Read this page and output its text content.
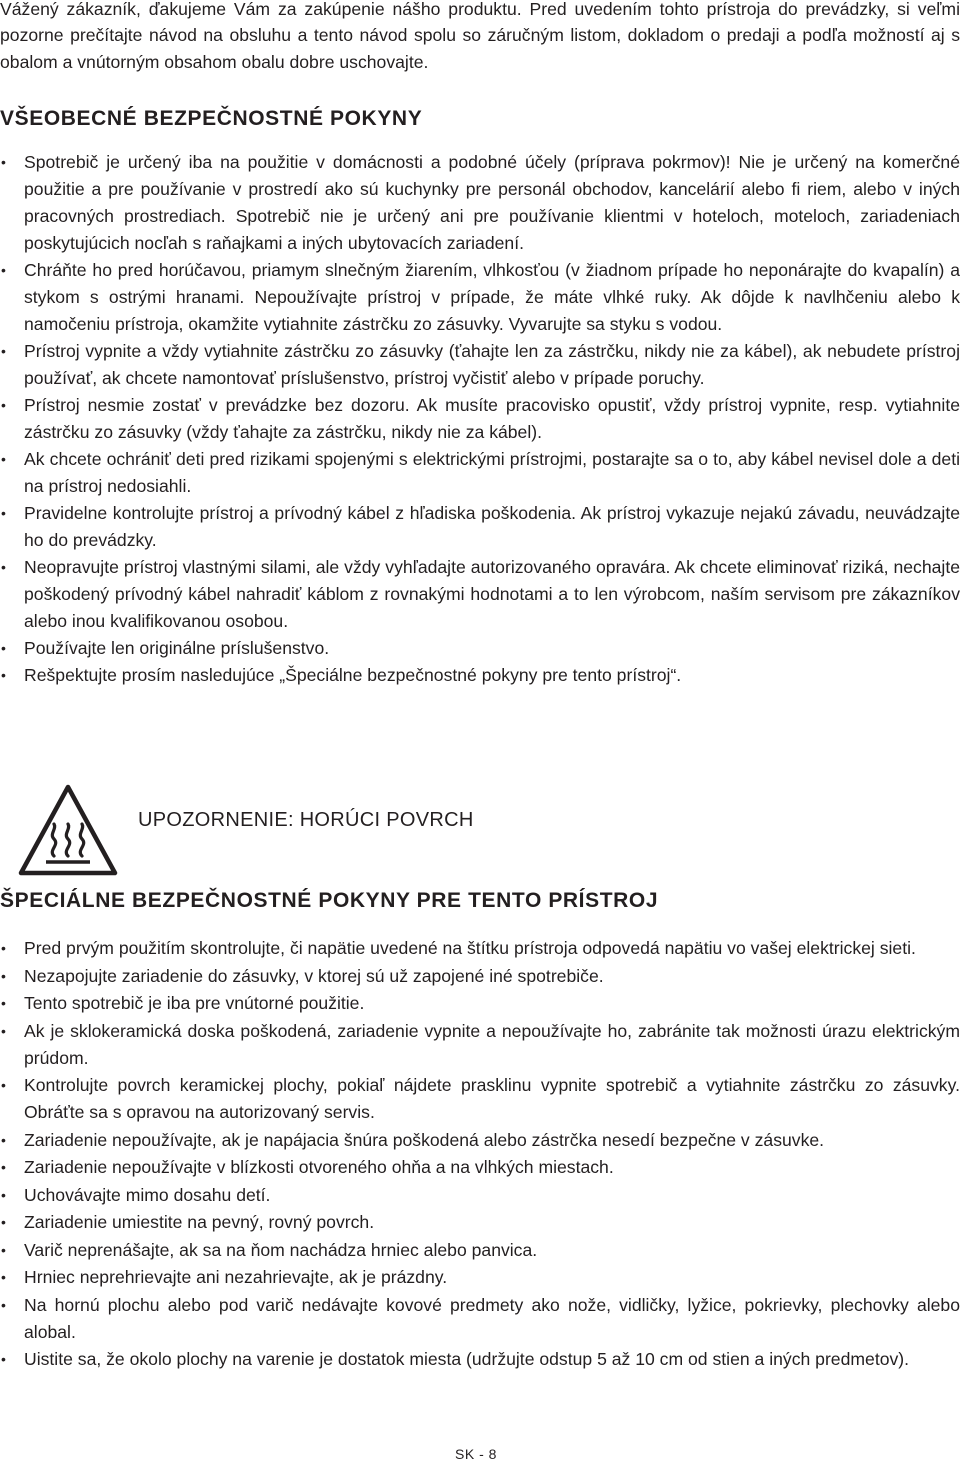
Vážený zákazník, ďakujeme Vám za zakúpenie nášho produktu. Pred uvedením tohto prístroja do prevádzky, si veľmi pozorne prečítajte návod na obsluhu a tento návod spolu so záručným listom, dokladom o predaji a podľa možností aj s obalom a vnútorným obsahom obalu dobre uschovajte.

VŠEOBECNÉ BEZPEČNOSTNÉ POKYNY
• Spotrebič je určený iba na použitie v domácnosti a podobné účely (príprava pokrmov)! Nie je určený na komerčné použitie a pre používanie v prostredí ako sú kuchynky pre personál obchodov, kancelárií alebo fi riem, alebo v iných pracovných prostrediach. Spotrebič nie je určený ani pre používanie klientmi v hoteloch, moteloch, zariadeniach poskytujúcich nocľah s raňajkami a iných ubytovacích zariadení.
• Chráňte ho pred horúčavou, priamym slnečným žiarením, vlhkosťou (v žiadnom prípade ho neponárajte do kvapalín) a stykom s ostrými hranami. Nepoužívajte prístroj v prípade, že máte vlhké ruky. Ak dôjde k navlhčeniu alebo k namočeniu prístroja, okamžite vytiahnite zástrčku zo zásuvky. Vyvarujte sa styku s vodou.
• Prístroj vypnite a vždy vytiahnite zástrčku zo zásuvky (ťahajte len za zástrčku, nikdy nie za kábel), ak nebudete prístroj používať, ak chcete namontovať príslušenstvo, prístroj vyčistiť alebo v prípade poruchy.
• Prístroj nesmie zostať v prevádzke bez dozoru. Ak musíte pracovisko opustiť, vždy prístroj vypnite, resp. vytiahnite zástrčku zo zásuvky (vždy ťahajte za zástrčku, nikdy nie za kábel).
• Ak chcete ochrániť deti pred rizikami spojenými s elektrickými prístrojmi, postarajte sa o to, aby kábel nevisel dole a deti na prístroj nedosiahli.
• Pravidelne kontrolujte prístroj a prívodný kábel z hľadiska poškodenia. Ak prístroj vykazuje nejakú závadu, neuvádzajte ho do prevádzky.
• Neopravujte prístroj vlastnými silami, ale vždy vyhľadajte autorizovaného opravára. Ak chcete eliminovať riziká, nechajte poškodený prívodný kábel nahradiť káblom z rovnakými hodnotami a to len výrobcom, naším servisom pre zákazníkov alebo inou kvalifikovanou osobou.
• Používajte len originálne príslušenstvo.
• Rešpektujte prosím nasledujúce „Špeciálne bezpečnostné pokyny pre tento prístroj“.
UPOZORNENIE: HORÚCI POVRCH
ŠPECIÁLNE BEZPEČNOSTNÉ POKYNY PRE TENTO PRÍSTROJ
• Pred prvým použitím skontrolujte, či napätie uvedené na štítku prístroja odpovedá napätiu vo vašej elektrickej sieti.
• Nezapojujte zariadenie do zásuvky, v ktorej sú už zapojené iné spotrebiče.
• Tento spotrebič je iba pre vnútorné použitie.
• Ak je sklokeramická doska poškodená, zariadenie vypnite a nepoužívajte ho, zabránite tak možnosti úrazu elektrickým prúdom.
• Kontrolujte povrch keramickej plochy, pokiaľ nájdete prasklinu vypnite spotrebič a vytiahnite zástrčku zo zásuvky. Obráťte sa s opravou na autorizovaný servis.
• Zariadenie nepoužívajte, ak je napájacia šnúra poškodená alebo zástrčka nesedí bezpečne v zásuvke.
• Zariadenie nepoužívajte v blízkosti otvoreného ohňa a na vlhkých miestach.
• Uchovávajte mimo dosahu detí.
• Zariadenie umiestite na pevný, rovný povrch.
• Varič neprenášajte, ak sa na ňom nachádza hrniec alebo panvica.
• Hrniec neprehrievajte ani nezahrievajte, ak je prázdny.
• Na hornú plochu alebo pod varič nedávajte kovové predmety ako nože, vidličky, lyžice, pokrievky, plechovky alebo alobal.
• Uistite sa, že okolo plochy na varenie je dostatok miesta (udržujte odstup 5 až 10 cm od stien a iných predmetov).
SK - 8
